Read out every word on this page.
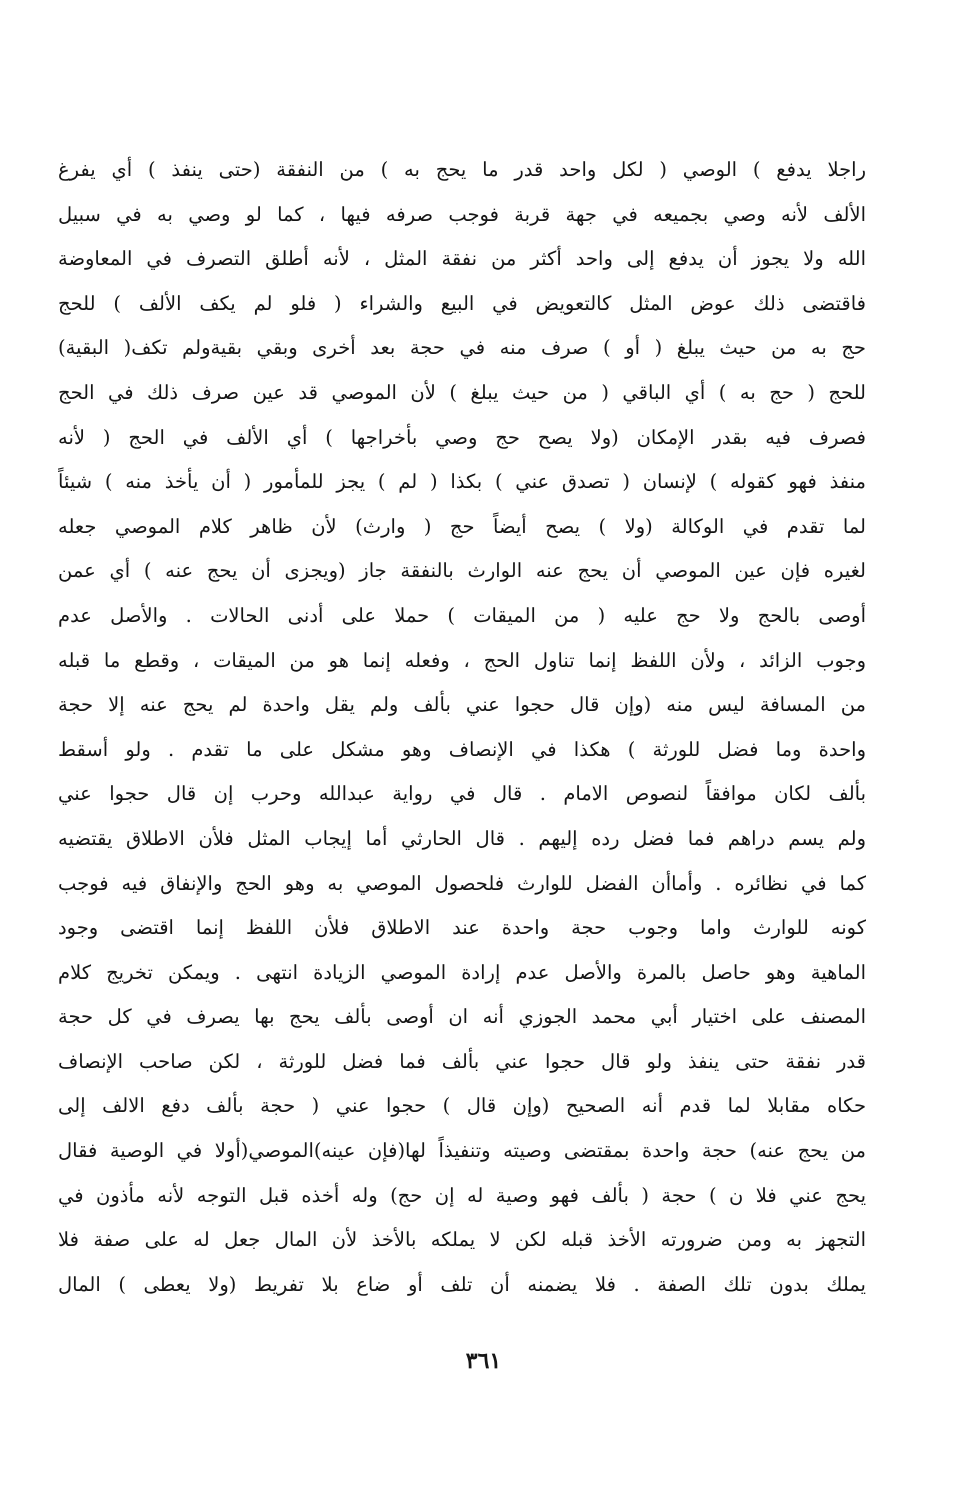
راجلا يدفع ) الوصي ( لكل واحد قدر ما يحج به ) من النفقة (حتى ينفذ ) أي يفرغ
الألف لأنه وصي بجميعه في جهة قربة فوجب صرفه فيها ، كما لو وصي به في سبيل
الله ولا يجوز أن يدفع إلى واحد أكثر من نفقة المثل ، لأنه أطلق التصرف في المعاوضة
فاقتضى ذلك عوض المثل كالتعويض في البيع والشراء ( فلو لم يكف الألف ) للحج
حج به من حيث يبلغ ( أو ) صرف منه في حجة بعد أخرى وبقي بقيةولم تكف( البقية)
للحج ( حج به ) أي الباقي ( من حيث يبلغ ) لأن الموصي قد عين صرف ذلك في الحج
فصرف فيه بقدر الإمكان (ولا يصح حج وصي بأخراجها ) أي الألف في الحج ( لأنه
منفذ فهو كقوله ) لإنسان ( تصدق عني ) بكذا ( لم ) يجز للمأمور ( أن يأخذ منه ) شيئاً
لما تقدم في الوكالة (ولا ) يصح أيضاً حج ( وارث) لأن ظاهر كلام الموصي جعله
لغيره فإن عين الموصي أن يحج عنه الوارث بالنفقة جاز (ويجزى أن يحج عنه ) أي عمن
أوصى بالحج ولا حج عليه ( من الميقات ) حملا على أدنى الحالات . والأصل عدم
وجوب الزائد ، ولأن اللفظ إنما تناول الحج ، وفعله إنما هو من الميقات ، وقطع ما قبله
من المسافة ليس منه (وإن قال حجوا عني بألف ولم يقل واحدة لم يحج عنه إلا حجة
واحدة وما فضل للورثة ) هكذا في الإنصاف وهو مشكل على ما تقدم . ولو أسقط
بألف لكان موافقاً لنصوص الامام . قال في رواية عبدالله وحرب إن قال حجوا عني
ولم يسم دراهم فما فضل رده إليهم . قال الحارثي أما إيجاب المثل فلأن الاطلاق يقتضيه
كما في نظائره . وأماأن الفضل للوارث فلحصول الموصي به وهو الحج والإنفاق فيه فوجب
كونه للوارث واما وجوب حجة واحدة عند الاطلاق فلأن اللفظ إنما اقتضى وجود
الماهية وهو حاصل بالمرة والأصل عدم إرادة الموصي الزيادة انتهى . ويمكن تخريج كلام
المصنف على اختيار أبي محمد الجوزي أنه ان أوصى بألف يحج بها يصرف في كل حجة
قدر نفقة حتى ينفذ ولو قال حجوا عني بألف فما فضل للورثة ، لكن صاحب الإنصاف
حكاه مقابلا لما قدم أنه الصحيح (وإن قال ) حجوا عني ( حجة بألف دفع الالف إلى
من يحج عنه) حجة واحدة بمقتضى وصيته وتنفيذاً لها(فإن عينه)الموصي(أولا في الوصية فقال
يحج عني فلا ن ) حجة ( بألف فهو وصية له إن حج) وله أخذه قبل التوجه لأنه مأذون في
التجهز به ومن ضرورته الأخذ قبله لكن لا يملكه بالأخذ لأن المال جعل له على صفة فلا
يملك بدون تلك الصفة . فلا يضمنه أن تلف أو ضاع بلا تفريط (ولا يعطى ) المال
٣٦١
